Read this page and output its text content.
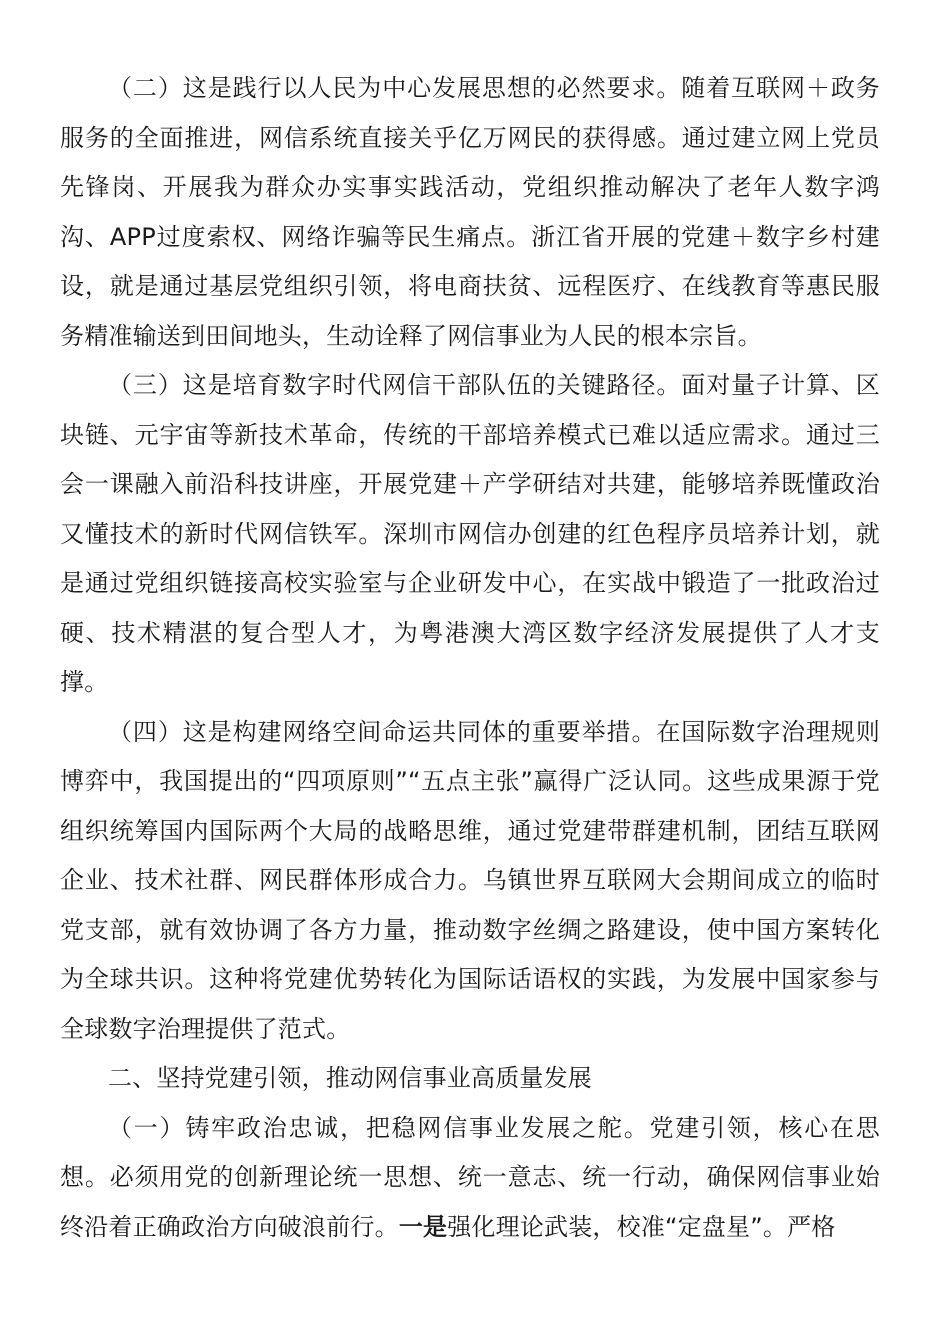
（二）这是践行以人民为中心发展思想的必然要求。随着互联网＋政务服务的全面推进，网信系统直接关乎亿万网民的获得感。通过建立网上党员先锋岗、开展我为群众办实事实践活动，党组织推动解决了老年人数字鸿沟、APP过度索权、网络诈骗等民生痛点。浙江省开展的党建＋数字乡村建设，就是通过基层党组织引领，将电商扶贫、远程医疗、在线教育等惠民服务精准输送到田间地头，生动诠释了网信事业为人民的根本宗旨。

（三）这是培育数字时代网信干部队伍的关键路径。面对量子计算、区块链、元宇宙等新技术革命，传统的干部培养模式已难以适应需求。通过三会一课融入前沿科技讲座，开展党建＋产学研结对共建，能够培养既懂政治又懂技术的新时代网信铁军。深圳市网信办创建的红色程序员培养计划，就是通过党组织链接高校实验室与企业研发中心，在实战中锻造了一批政治过硬、技术精湛的复合型人才，为粤港澳大湾区数字经济发展提供了人才支撑。

（四）这是构建网络空间命运共同体的重要举措。在国际数字治理规则博弈中，我国提出的“四项原则”“五点主张”赢得广泛认同。这些成果源于党组织统筹国内国际两个大局的战略思维，通过党建带群建机制，团结互联网企业、技术社群、网民群体形成合力。乌镇世界互联网大会期间成立的临时党支部，就有效协调了各方力量，推动数字丝绸之路建设，使中国方案转化为全球共识。这种将党建优势转化为国际话语权的实践，为发展中国家参与全球数字治理提供了范式。

二、坚持党建引领，推动网信事业高质量发展

（一）铸牢政治忠诚，把稳网信事业发展之舵。党建引领，核心在思想。必须用党的创新理论统一思想、统一意志、统一行动，确保网信事业始终沿着正确政治方向破浪前行。一是强化理论武装，校准“定盘星”。严格
